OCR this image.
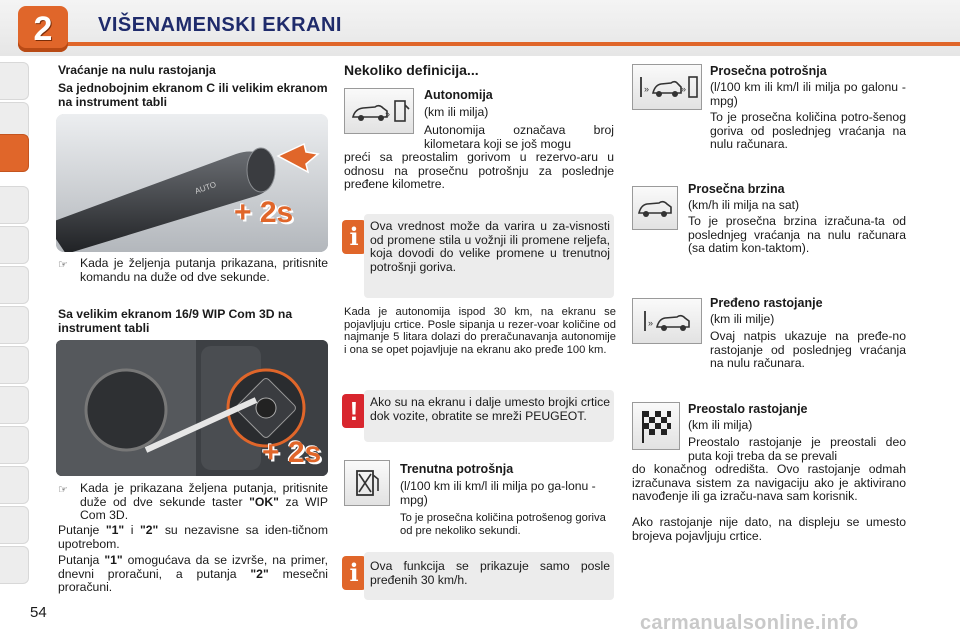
2	VIŠENAMENSKI EKRANI
Vraćanje na nulu rastojanja
Sa jednobojnim ekranom C ili velikim ekranom na instrument tabli
AUTO
+ 2s
☞ Kada je željenja putanja prikazana, pritisnite komandu na duže od dve sekunde.
Sa velikim ekranom 16/9 WIP Com 3D na instrument tabli
+ 2s
☞ Kada je prikazana željena putanja, pritisnite duže od dve sekunde taster "OK" za WIP Com 3D.
Putanje "1" i "2" su nezavisne sa iden-tičnom upotrebom.
Putanja "1" omogućava da se izvrše, na primer, dnevni proračuni, a putanja "2" mesečni proračuni.
Nekoliko definicija...
»
Autonomija
(km ili milja)
Autonomija označava broj kilometara koji se još mogu
preći sa preostalim gorivom u rezervo-aru u odnosu na prosečnu potrošnju za poslednje pređene kilometre.
i Ova vrednost može da varira u za-visnosti od promene stila u vožnji ili promene reljefa, koja dovodi do velike promene u trenutnoj potrošnji goriva.
Kada je autonomija ispod 30 km, na ekranu se pojavljuju crtice. Posle sipanja u rezer-voar količine od najmanje 5 litara dolazi do preračunavanja autonomije i ona se opet pojavljuje na ekranu ako pređe 100 km.
! Ako su na ekranu i dalje umesto brojki crtice dok vozite, obratite se mreži PEUGEOT.
Trenutna potrošnja
(l/100 km ili km/l ili milja po ga-lonu -mpg)
To je prosečna količina potrošenog goriva od pre nekoliko sekundi.
i Ova funkcija se prikazuje samo posle pređenih 30 km/h.
»	»
Prosečna potrošnja
(l/100 km ili km/l ili milja po galonu -mpg)
To je prosečna količina potro-šenog goriva od poslednjeg vraćanja na nulu računara.
Prosečna brzina
(km/h ili milja na sat)
To je prosečna brzina izračuna-ta od poslednjeg vraćanja na nulu računara (sa datim kon-taktom).
»
Pređeno rastojanje
(km ili milje)
Ovaj natpis ukazuje na pređe-no rastojanje od poslednjeg vraćanja na nulu računara.
Preostalo rastojanje
(km ili milja)
Preostalo rastojanje je preostali deo puta koji treba da se prevali
do konačnog odredišta. Ovo rastojanje odmah izračunava sistem za navigaciju ako je aktivirano navođenje ili ga izraču-nava sam korisnik.
Ako rastojanje nije dato, na displeju se umesto brojeva pojavljuju crtice.
54	carmanualsonline.info
